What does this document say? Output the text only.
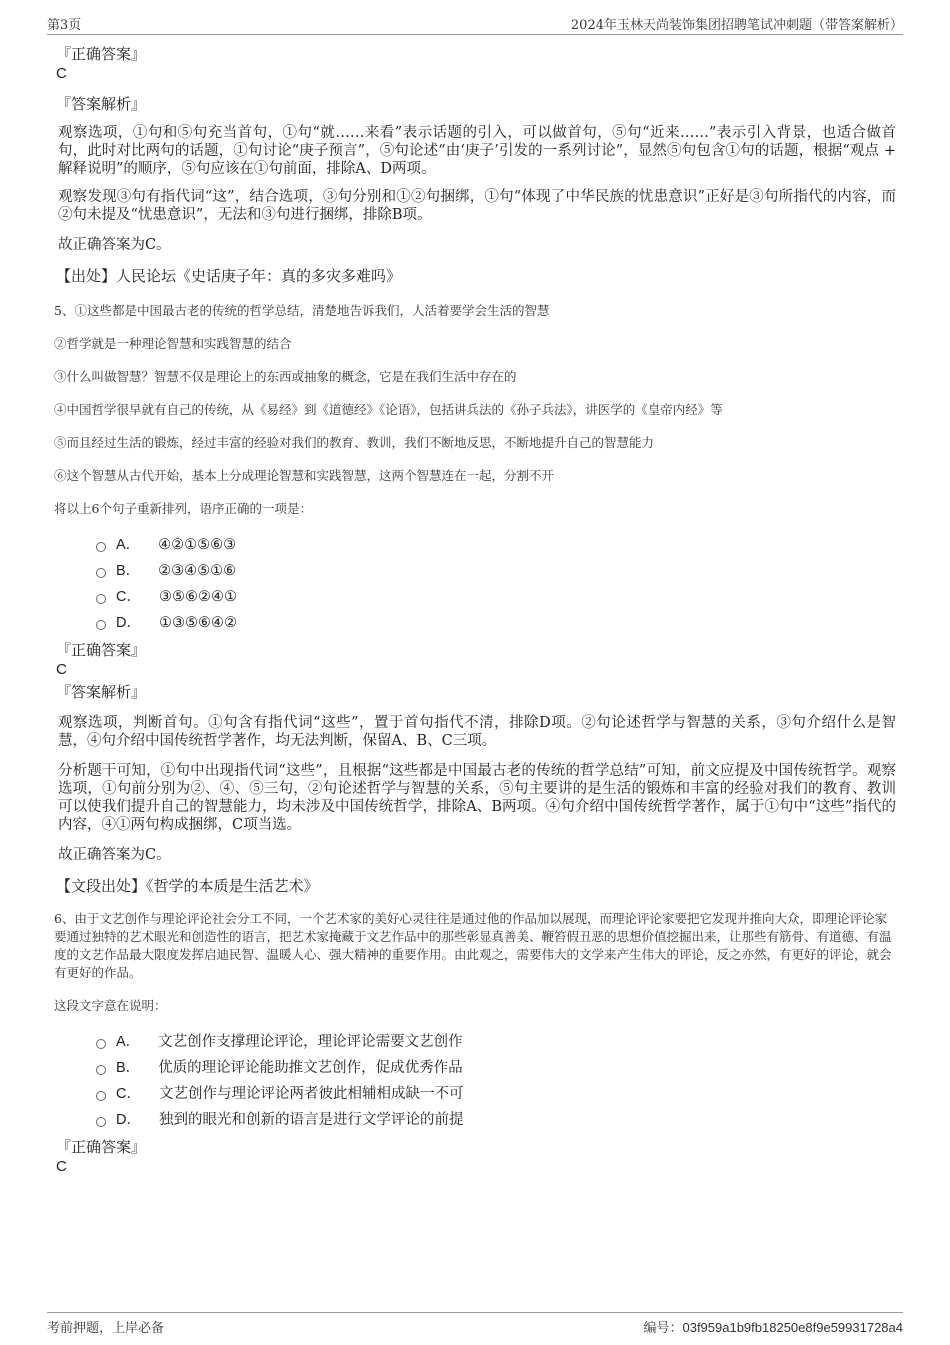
第3页	2024年玉林天尚装饰集团招聘笔试冲刺题（带答案解析）

『正确答案』

C

『答案解析』

观察选项，①句和⑤句充当首句，①句“就……来看”表示话题的引入，可以做首句，⑤句“近来……”表示引入背景，也适合做首句，此时对比两句的话题，①句讨论“庚子预言”，⑤句论述“由‘庚子’引发的一系列讨论”，显然⑤句包含①句的话题，根据“观点 + 解释说明”的顺序，⑤句应该在①句前面，排除A、D两项。

观察发现③句有指代词“这”，结合选项，③句分别和①②句捆绑，①句“体现了中华民族的忧患意识”正好是③句所指代的内容，而②句未提及“忧患意识”，无法和③句进行捆绑，排除B项。

故正确答案为C。

【出处】人民论坛《史话庚子年：真的多灾多难吗》

5、①这些都是中国最古老的传统的哲学总结，清楚地告诉我们，人活着要学会生活的智慧

②哲学就是一种理论智慧和实践智慧的结合

③什么叫做智慧？智慧不仅是理论上的东西或抽象的概念，它是在我们生活中存在的

④中国哲学很早就有自己的传统，从《易经》到《道德经》《论语》，包括讲兵法的《孙子兵法》，讲医学的《皇帝内经》等

⑤而且经过生活的锻炼，经过丰富的经验对我们的教育、教训，我们不断地反思，不断地提升自己的智慧能力

⑥这个智慧从古代开始，基本上分成理论智慧和实践智慧，这两个智慧连在一起，分割不开

将以上6个句子重新排列，语序正确的一项是：

A． ④②①⑤⑥③
B． ②③④⑤①⑥
C． ③⑤⑥②④①
D． ①③⑤⑥④②

『正确答案』

C

『答案解析』

观察选项，判断首句。①句含有指代词“这些”，置于首句指代不清，排除D项。②句论述哲学与智慧的关系，③句介绍什么是智慧，④句介绍中国传统哲学著作，均无法判断，保留A、B、C三项。

分析题干可知，①句中出现指代词“这些”，且根据“这些都是中国最古老的传统的哲学总结”可知，前文应提及中国传统哲学。观察选项，①句前分别为②、④、⑤三句，②句论述哲学与智慧的关系，⑤句主要讲的是生活的锻炼和丰富的经验对我们的教育、教训可以使我们提升自己的智慧能力，均未涉及中国传统哲学，排除A、B两项。④句介绍中国传统哲学著作，属于①句中“这些”指代的内容，④①两句构成捆绑，C项当选。

故正确答案为C。

【文段出处】《哲学的本质是生活艺术》

6、由于文艺创作与理论评论社会分工不同，一个艺术家的美好心灵往往是通过他的作品加以展现，而理论评论家要把它发现并推向大众，即理论评论家要通过独特的艺术眼光和创造性的语言，把艺术家掩藏于文艺作品中的那些彰显真善美、鞭笞假丑恶的思想价值挖掘出来，让那些有筋骨、有道德、有温度的文艺作品最大限度发挥启迪民智、温暖人心、强大精神的重要作用。由此观之，需要伟大的文学来产生伟大的评论，反之亦然，有更好的评论，就会有更好的作品。

这段文字意在说明：

A． 文艺创作支撑理论评论，理论评论需要文艺创作
B． 优质的理论评论能助推文艺创作，促成优秀作品
C． 文艺创作与理论评论两者彼此相辅相成缺一不可
D． 独到的眼光和创新的语言是进行文学评论的前提

『正确答案』

C

考前押题，上岸必备	编号：03f959a1b9fb18250e8f9e59931728a4
